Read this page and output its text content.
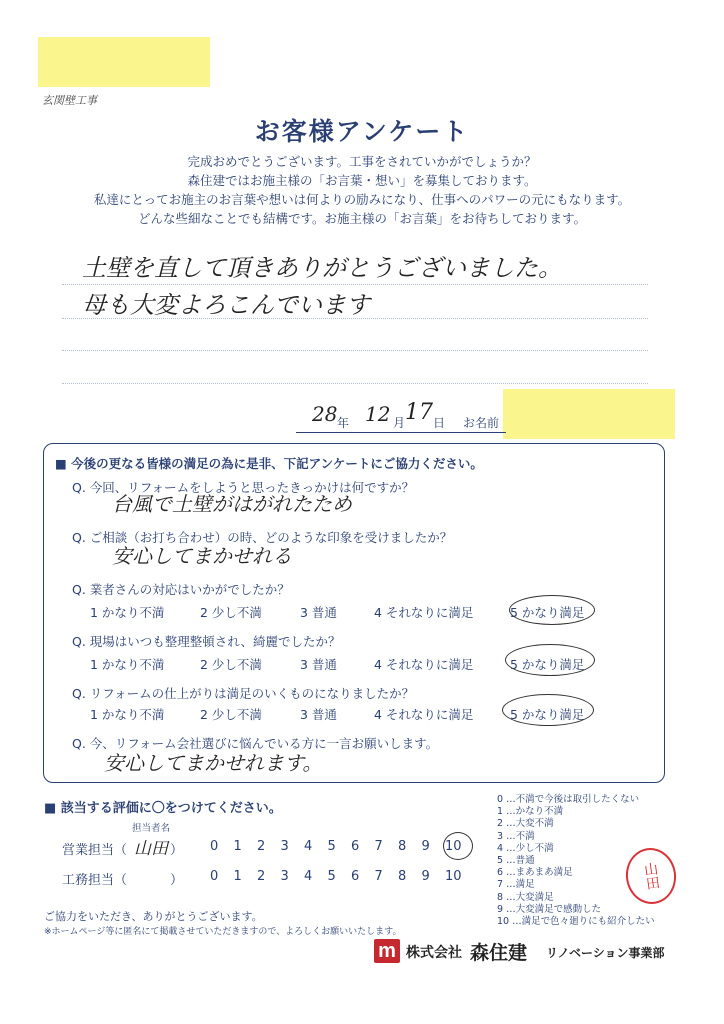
玄関壁工事
お客様アンケート
完成おめでとうございます。工事をされていかがでしょうか？
森住建ではお施主様の「お言葉・想い」を募集しております。
私達にとってお施主のお言葉や想いは何よりの励みになり、仕事へのパワーの元にもなります。
どんな些細なことでも結構です。お施主様の「お言葉」をお待ちしております。
土壁を直して頂きありがとうございました。
母も大変よろこんでいます
28 年 12 月 17 日 お名前
■ 今後の更なる皆様の満足の為に是非、下記アンケートにご協力ください。
Q. 今回、リフォームをしようと思ったきっかけは何ですか？
台風で土壁がはがれたため
Q. ご相談（お打ち合わせ）の時、どのような印象を受けましたか？
安心してまかせれる
Q. 業者さんの対応はいかがでしたか？
1 かなり不満	2 少し不満	3 普通	4 それなりに満足	5 かなり満足
Q. 現場はいつも整理整頓され、綺麗でしたか？
1 かなり不満	2 少し不満	3 普通	4 それなりに満足	5 かなり満足
Q. リフォームの仕上がりは満足のいくものになりましたか？
1 かなり不満	2 少し不満	3 普通	4 それなりに満足	5 かなり満足
Q. 今、リフォーム会社選びに悩んでいる方に一言お願いします。
安心してまかせれます。
■ 該当する評価に〇をつけてください。
担当者名
営業担当（ 山田 ） 0 1 2 3 4 5 6 7 8 9 10
工務担当（	） 0 1 2 3 4 5 6 7 8 9 10
0 …不満で今後は取引したくない
1 …かなり不満
2 …大変不満
3 …不満
4 …少し不満
5 …普通
6 …まあまあ満足
7 …満足
8 …大変満足
9 …大変満足で感動した
10 …満足で色々廻りにも紹介したい
山田
ご協力をいただき、ありがとうございます。
※ホームページ等に匿名にて掲載させていただきますので、よろしくお願いいたします。
m 株式会社 森住建 リノベーション事業部
